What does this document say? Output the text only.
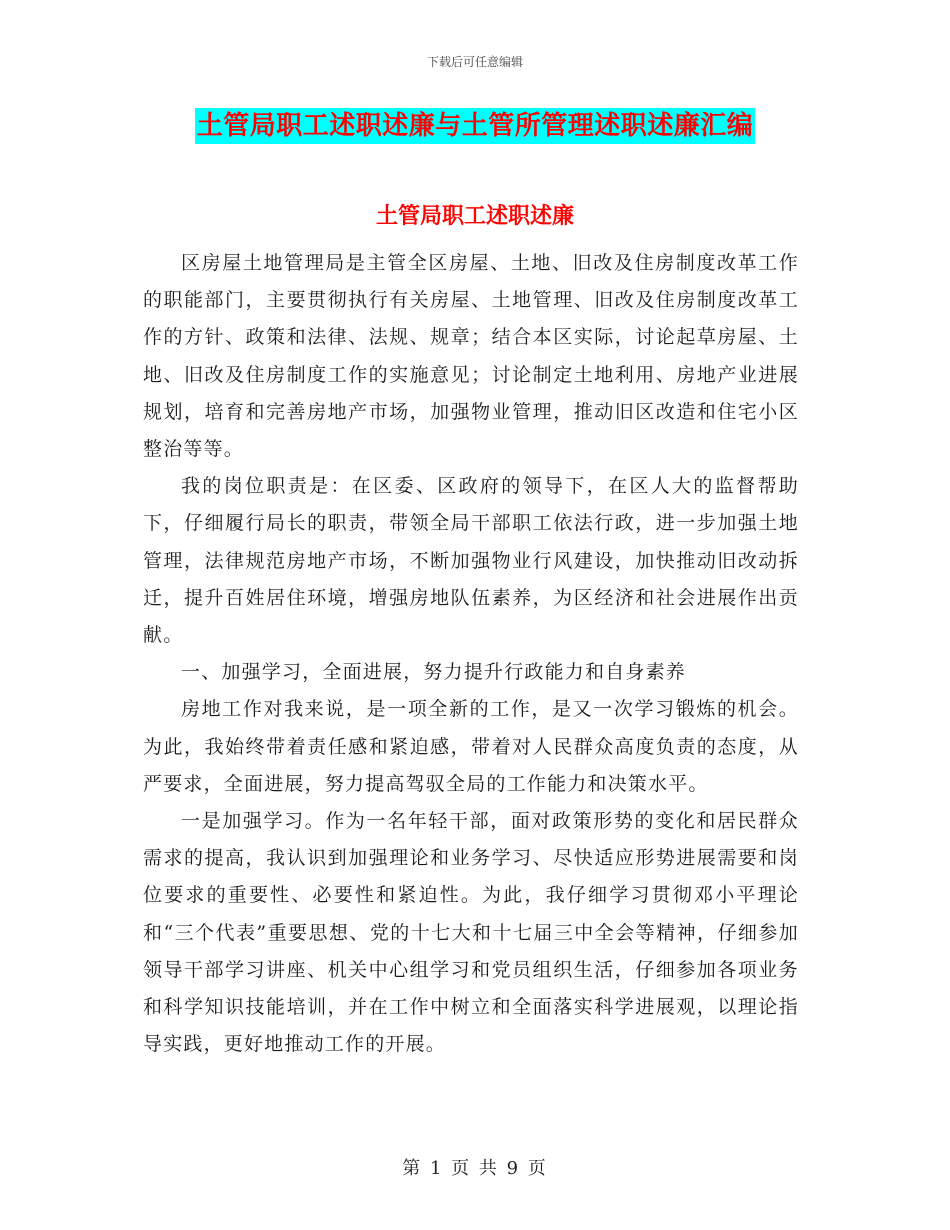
下载后可任意编辑
土管局职工述职述廉与土管所管理述职述廉汇编
土管局职工述职述廉

区房屋土地管理局是主管全区房屋、土地、旧改及住房制度改革工作的职能部门，主要贯彻执行有关房屋、土地管理、旧改及住房制度改革工作的方针、政策和法律、法规、规章；结合本区实际，讨论起草房屋、土地、旧改及住房制度工作的实施意见；讨论制定土地利用、房地产业进展规划，培育和完善房地产市场，加强物业管理，推动旧区改造和住宅小区整治等等。

我的岗位职责是：在区委、区政府的领导下，在区人大的监督帮助下，仔细履行局长的职责，带领全局干部职工依法行政，进一步加强土地管理，法律规范房地产市场，不断加强物业行风建设，加快推动旧改动拆迁，提升百姓居住环境，增强房地队伍素养，为区经济和社会进展作出贡献。

一、加强学习，全面进展，努力提升行政能力和自身素养

房地工作对我来说，是一项全新的工作，是又一次学习锻炼的机会。为此，我始终带着责任感和紧迫感，带着对人民群众高度负责的态度，从严要求，全面进展，努力提高驾驭全局的工作能力和决策水平。

一是加强学习。作为一名年轻干部，面对政策形势的变化和居民群众需求的提高，我认识到加强理论和业务学习、尽快适应形势进展需要和岗位要求的重要性、必要性和紧迫性。为此，我仔细学习贯彻邓小平理论和“三个代表”重要思想、党的十七大和十七届三中全会等精神，仔细参加领导干部学习讲座、机关中心组学习和党员组织生活，仔细参加各项业务和科学知识技能培训，并在工作中树立和全面落实科学进展观，以理论指导实践，更好地推动工作的开展。

第 1 页 共 9 页
